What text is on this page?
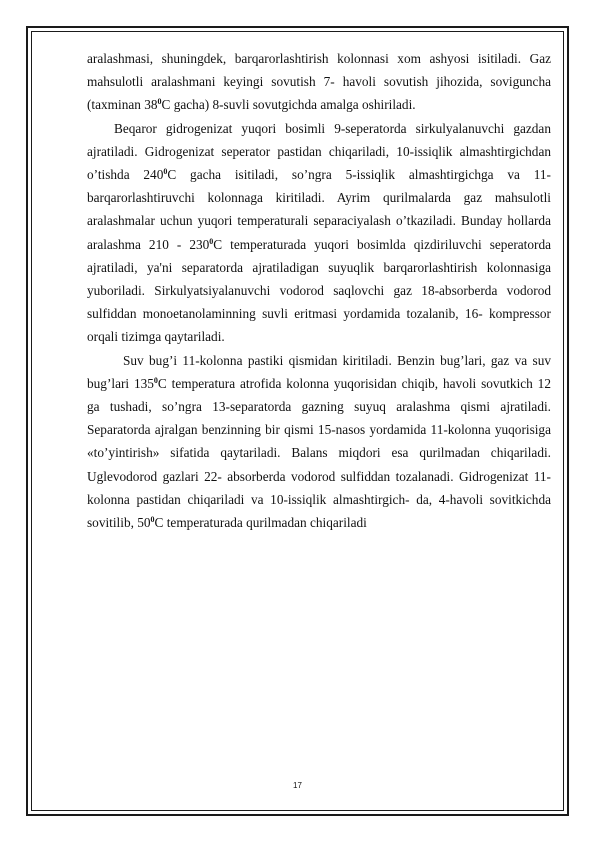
aralashmasi, shuningdek, barqarorlashtirish kolonnasi xom ashyosi isitiladi. Gaz mahsulotli aralashmani keyingi sovutish 7- havoli sovutish jihozida, soviguncha (taxminan $38^0C$ gacha) 8-suvli sovutgichda amalga oshiriladi.

Beqaror gidrogenizat yuqori bosimli 9-seperatorda sirkulyalanuvchi gazdan ajratiladi. Gidrogenizat seperator pastidan chiqariladi, 10-issiqlik almashtirgichdan o’tishda $240^0C$ gacha isitiladi, so’ngra 5-issiqlik almashtirgichga va 11-barqarorlashtiruvchi kolonnaga kiritiladi. Ayrim qurilmalarda gaz mahsulotli aralashmalar uchun yuqori temperaturali separaciyalash o’tkaziladi. Bunday hollarda aralashma $210 - 230^0C$ temperaturada yuqori bosimlda qizdiriluvchi seperatorda ajratiladi, ya'ni separatorda ajratiladigan suyuqlik barqarorlashtirish kolonnasiga yuboriladi. Sirkulyatsiyalanuvchi vodorod saqlovchi gaz 18-absorberda vodorod sulfiddan monoetanolaminning suvli eritmasi yordamida tozalanib, 16- kompressor orqali tizimga qaytariladi.

Suv bug’i 11-kolonna pastiki qismidan kiritiladi. Benzin bug’lari, gaz va suv bug’lari $135^0C$ temperatura atrofida kolonna yuqorisidan chiqib, havoli sovutkich 12 ga tushadi, so’ngra 13-separatorda gazning suyuq aralashma qismi ajratiladi. Separatorda ajralgan benzinning bir qismi 15-nasos yordamida 11-kolonna yuqorisiga «to’yintirish» sifatida qaytariladi. Balans miqdori esa qurilmadan chiqariladi. Uglevodorod gazlari 22- absorberda vodorod sulfiddan tozalanadi. Gidrogenizat 11-kolonna pastidan chiqariladi va 10-issiqlik almashtirgich- da, 4-havoli sovitkichda sovitilib, $50^0C$ temperaturada qurilmadan chiqariladi

17
